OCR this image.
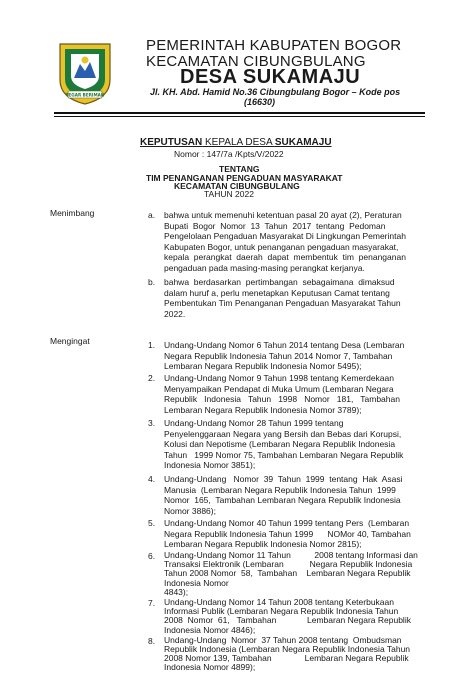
TEGAR BERIMAN
PEMERINTAH KABUPATEN BOGOR
KECAMATAN CIBUNGBULANG
DESA SUKAMAJU
Jl. KH. Abd. Hamid No.36 Cibungbulang Bogor – Kode pos
(16630)
KEPUTUSAN KEPALA DESA SUKAMAJU
Nomor : 147/7a /Kpts/V/2022
TENTANG
TIM PENANGANAN PENGADUAN MASYARAKAT
KECAMATAN CIBUNGBULANG
TAHUN 2022
Menimbang	a. bahwa untuk memenuhi ketentuan pasal 20 ayat (2), Peraturan
Bupati  Bogor  Nomor  13  Tahun  2017  tentang  Pedoman
Pengelolaan Pengaduan Masyarakat Di Lingkungan Pemerintah
Kabupaten Bogor, untuk penanganan pengaduan masyarakat,
kepala  perangkat  daerah  dapat  membentuk  tim  penanganan
pengaduan pada masing-masing perangkat kerjanya.
b. bahwa  berdasarkan  pertimbangan  sebagaimana  dimaksud
dalam huruf a, perlu menetapkan Keputusan Camat tentang
Pembentukan Tim Penanganan Pengaduan Masyarakat Tahun
2022.
Mengingat	1. Undang-Undang Nomor 6 Tahun 2014 tentang Desa (Lembaran
Negara Republik Indonesia Tahun 2014 Nomor 7, Tambahan
Lembaran Negara Republik Indonesia Nomor 5495);
2. Undang-Undang Nomor 9 Tahun 1998 tentang Kemerdekaan
Menyampaikan Pendapat di Muka Umum (Lembaran Negara
Republik   Indonesia   Tahun   1998   Nomor   181,   Tambahan
Lembaran Negara Republik Indonesia Nomor 3789);
3. Undang-Undang Nomor 28 Tahun 1999 tentang
Penyelenggaraan Negara yang Bersih dan Bebas dari Korupsi,
Kolusi dan Nepotisme (Lembaran Negara Republik Indonesia
Tahun   1999 Nomor 75, Tambahan Lembaran Negara Republik
Indonesia Nomor 3851);
4. Undang-Undang   Nomor  39  Tahun  1999  tentang  Hak  Asasi
Manusia  (Lembaran Negara Republik Indonesia Tahun  1999
Nomor  165,  Tambahan Lembaran Negara Republik Indonesia
Nomor 3886);
5. Undang-Undang Nomor 40 Tahun 1999 tentang Pers  (Lembaran
Negara Republik Indonesia Tahun 1999      NOMor 40, Tambahan
Lembaran Negara Republik Indonesia Nomor 2815);
6. Undang-Undang Nomor 11 Tahun          2008 tentang Informasi dan
Transaksi Elektronik (Lembaran           Negara Republik Indonesia
Tahun 2008 Nomor  58,  Tambahan    Lembaran Negara Republik
Indonesia Nomor
4843);
7. Undang-Undang Nomor 14 Tahun 2008 tentang Keterbukaan
Informasi Publik (Lembaran Negara Republik Indonesia Tahun
2008  Nomor  61,   Tambahan             Lembaran Negara Republik
Indonesia Nomor 4846);
8. Undang-Undang  Nomor  37 Tahun 2008 tentang  Ombudsman
Republik Indonesia (Lembaran Negara Republik Indonesia Tahun
2008 Nomor 139, Tambahan              Lembaran Negara Republik
Indonesia Nomor 4899);
